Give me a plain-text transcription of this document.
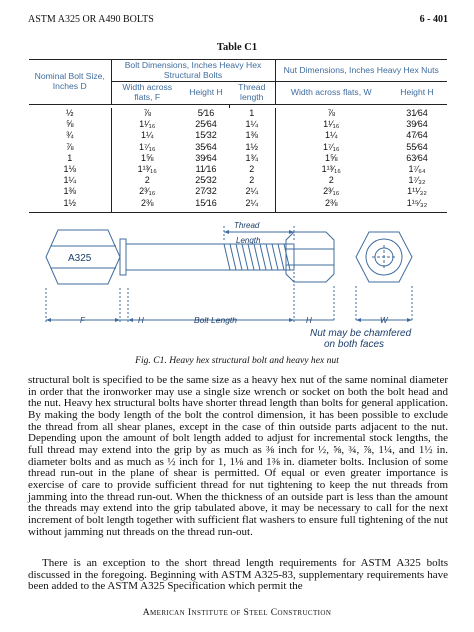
ASTM A325 OR A490 BOLTS	6 - 401
Table C1
Nominal Bolt Size, Inches D	Bolt Dimensions, Inches Heavy Hex Structural Bolts			Nut Dimensions, Inches Heavy Hex Nuts	
	Width across flats, F	Height H	Thread length	Width across flats, W	Height H

½	⅞	5⁄16	1	⅞	31⁄64
⅝	1¹⁄₁₆	25⁄64	1¼	1¹⁄₁₆	39⁄64
¾	1¼	15⁄32	1⅜	1¼	47⁄64
⅞	1⁷⁄₁₆	35⁄64	1½	1⁷⁄₁₆	55⁄64
1	1⅝	39⁄64	1¾	1⅝	63⁄64
1⅛	1¹³⁄₁₆	11⁄16	2	1¹³⁄₁₆	1⁷⁄₆₄
1¼	2	25⁄32	2	2	1⁷⁄₃₂
1⅜	2³⁄₁₆	27⁄32	2¼	2³⁄₁₆	1¹¹⁄₃₂
1½	2⅜	15⁄16	2¼	2⅜	1¹⁵⁄₃₂
A325
Thread
Length
F	H	Bolt Length	H	W
Nut may be chamfered
on both faces
Fig. C1. Heavy hex structural bolt and heavy hex nut

structural bolt is specified to be the same size as a heavy hex nut of the same nominal diameter in order that the ironworker may use a single size wrench or socket on both the bolt head and the nut. Heavy hex structural bolts have shorter thread length than bolts for general application. By making the body length of the bolt the control dimension, it has been possible to exclude the thread from all shear planes, except in the case of thin outside parts adjacent to the nut. Depending upon the amount of bolt length added to adjust for incremental stock lengths, the full thread may extend into the grip by as much as ⅜ inch for ½, ⅝, ¾, ⅞, 1¼, and 1½ in. diameter bolts and as much as ½ inch for 1, 1⅛ and 1⅜ in. diameter bolts. Inclusion of some thread run-out in the plane of shear is permitted. Of equal or even greater importance is exercise of care to provide sufficient thread for nut tightening to keep the nut threads from jamming into the thread run-out. When the thickness of an outside part is less than the amount the threads may extend into the grip tabulated above, it may be necessary to call for the next increment of bolt length together with sufficient flat washers to ensure full tightening of the nut without jamming nut threads on the thread run-out.

There is an exception to the short thread length requirements for ASTM A325 bolts discussed in the foregoing. Beginning with ASTM A325-83, supplementary requirements have been added to the ASTM A325 Specification which permit the

American Institute of Steel Construction
